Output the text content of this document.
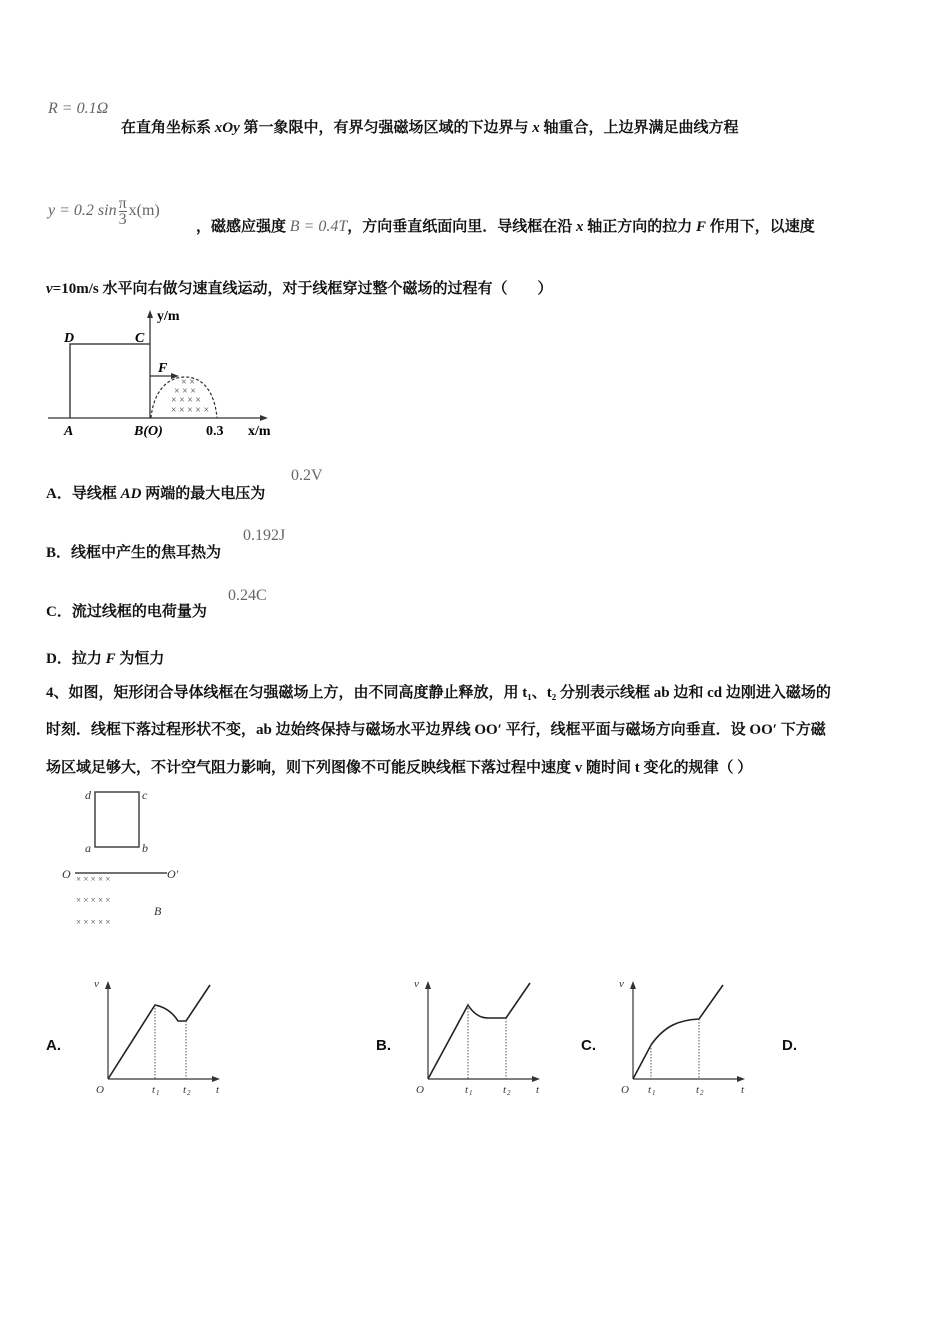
R = 0.1Ω
在直角坐标系 xOy 第一象限中，有界匀强磁场区域的下边界与 x 轴重合，上边界满足曲线方程
y = 0.2 $\sin \frac{\pi}{3} x(m)$
，磁感应强度 B = 0.4T，方向垂直纸面向里．导线框在沿 x 轴正方向的拉力 F 作用下，以速度
v=10m/s 水平向右做匀速直线运动，对于线框穿过整个磁场的过程有（　　）
× ×
× × ×
× × × ×
× × × × ×
D	C
F
A	B(O)	0.3 x/m
y/m
A．导线框 AD 两端的最大电压为
0.2V
B．线框中产生的焦耳热为
0.192J
C．流过线框的电荷量为
0.24C
D．拉力 F 为恒力
4、如图，矩形闭合导体线框在匀强磁场上方，由不同高度静止释放，用 t₁、t₂ 分别表示线框 ab 边和 cd 边刚进入磁场的
时刻．线框下落过程形状不变，ab 边始终保持与磁场水平边界线 OO′ 平行，线框平面与磁场方向垂直．设 OO′ 下方磁
场区域足够大，不计空气阻力影响，则下列图像不可能反映线框下落过程中速度 v 随时间 t 变化的规律（ ）
× × × × ×
× × × × ×
× × × × ×
a	b
c
d
O	O′
B
A.
v
t
O	t 1 t 2
B.
v
t
O	t 1	t 2
C.
v
t
O t 1	t 2
D.
